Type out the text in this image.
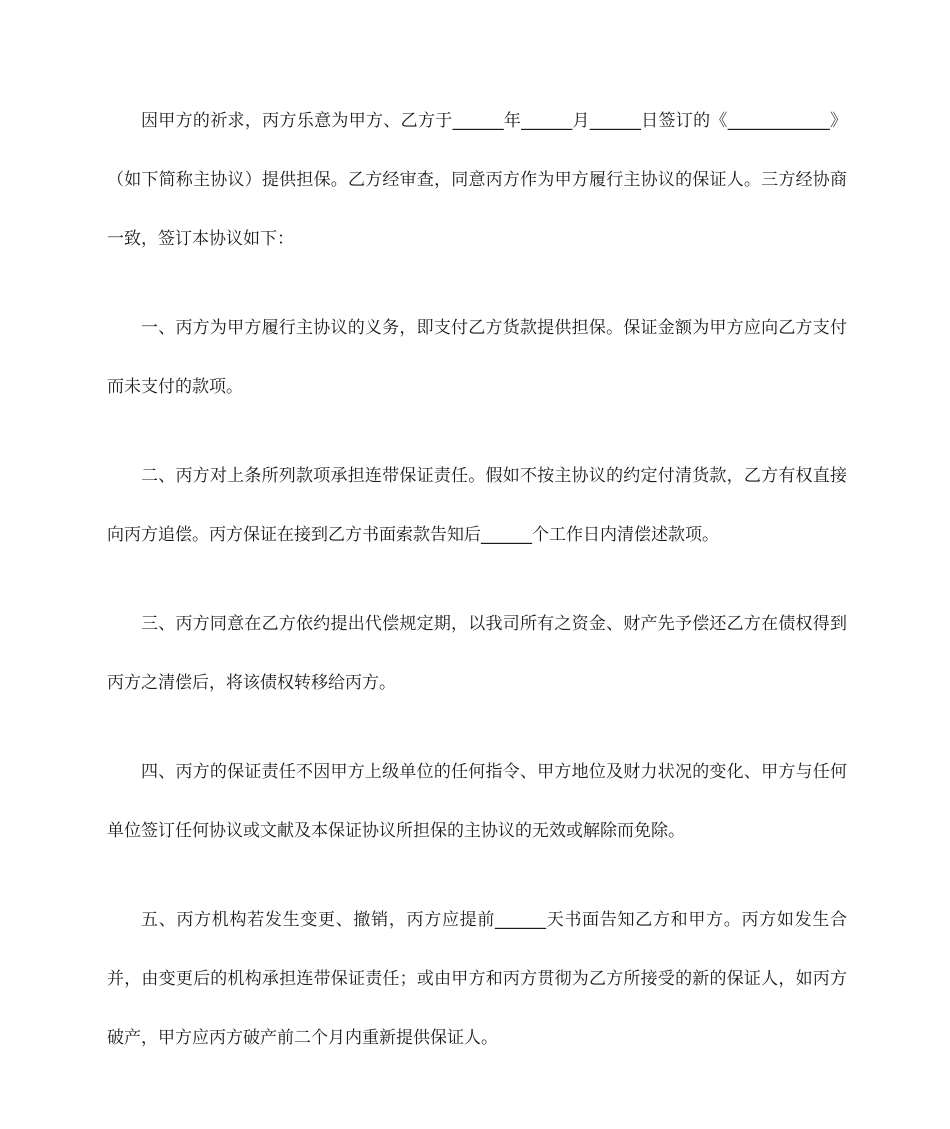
因甲方的祈求，丙方乐意为甲方、乙方于______年______月______日签订的《____________》（如下简称主协议）提供担保。乙方经审查，同意丙方作为甲方履行主协议的保证人。三方经协商一致，签订本协议如下：

一、丙方为甲方履行主协议的义务，即支付乙方货款提供担保。保证金额为甲方应向乙方支付而未支付的款项。

二、丙方对上条所列款项承担连带保证责任。假如不按主协议的约定付清货款，乙方有权直接向丙方追偿。丙方保证在接到乙方书面索款告知后______个工作日内清偿述款项。

三、丙方同意在乙方依约提出代偿规定期，以我司所有之资金、财产先予偿还乙方在债权得到丙方之清偿后，将该债权转移给丙方。

四、丙方的保证责任不因甲方上级单位的任何指令、甲方地位及财力状况的变化、甲方与任何单位签订任何协议或文献及本保证协议所担保的主协议的无效或解除而免除。

五、丙方机构若发生变更、撤销，丙方应提前______天书面告知乙方和甲方。丙方如发生合并，由变更后的机构承担连带保证责任；或由甲方和丙方贯彻为乙方所接受的新的保证人，如丙方破产，甲方应丙方破产前二个月内重新提供保证人。
